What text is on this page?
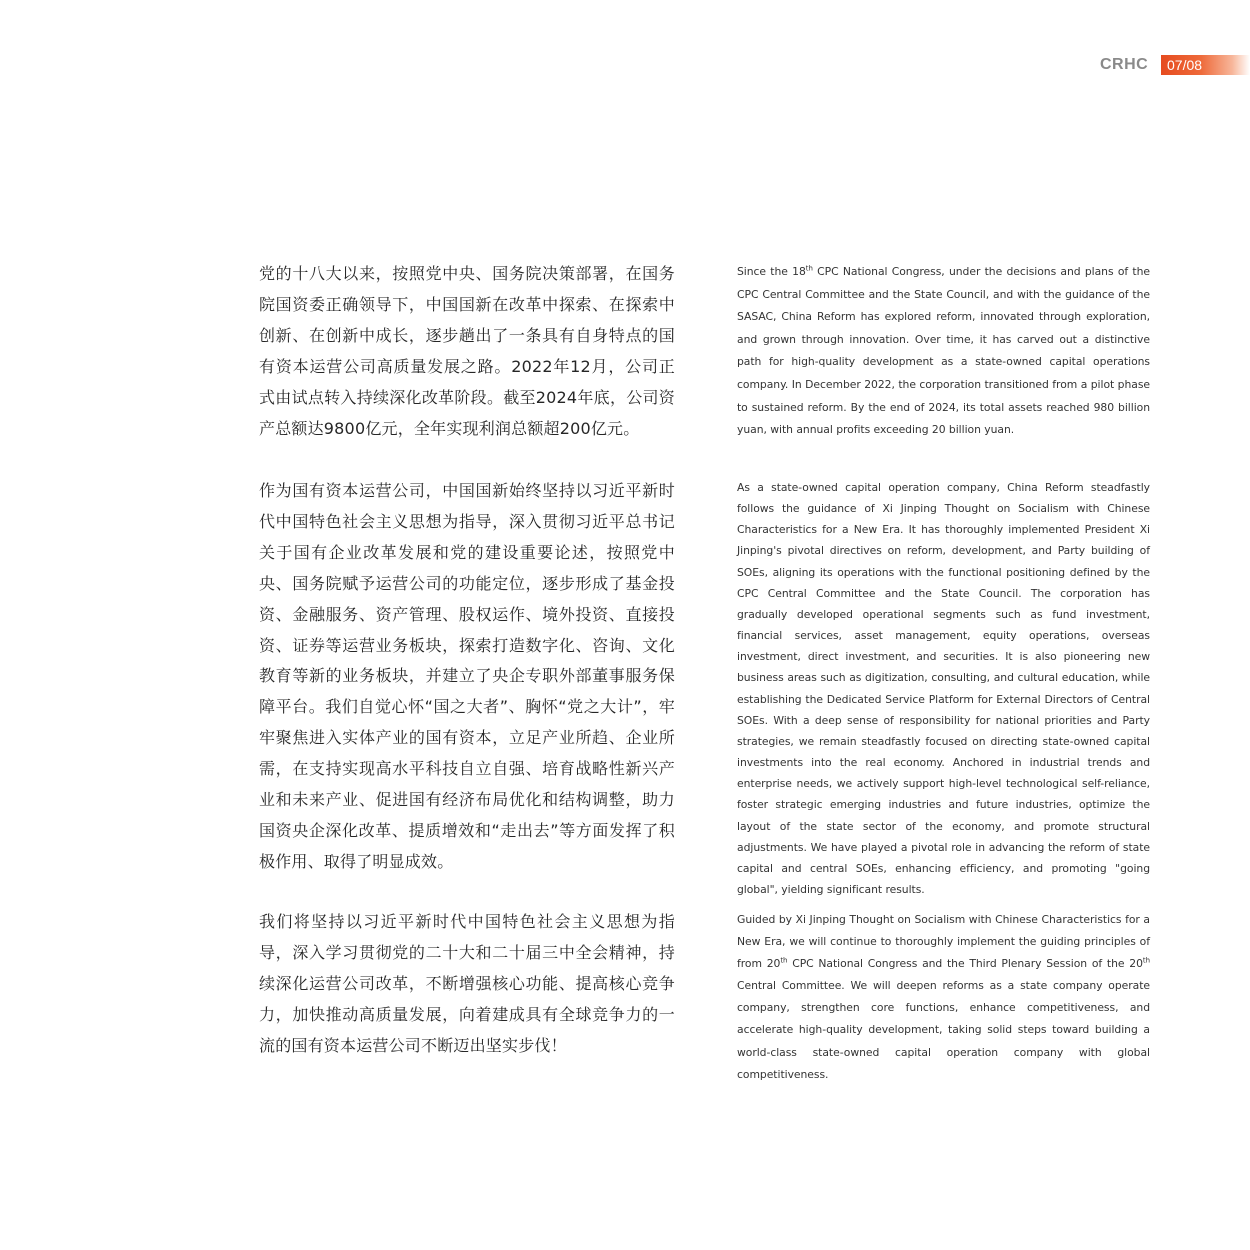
CRHC 07/08

党的十八大以来，按照党中央、国务院决策部署，在国务院国资委正确领导下，中国国新在改革中探索、在探索中创新、在创新中成长，逐步趟出了一条具有自身特点的国有资本运营公司高质量发展之路。2022年12月，公司正式由试点转入持续深化改革阶段。截至2024年底，公司资产总额达9800亿元，全年实现利润总额超200亿元。

作为国有资本运营公司，中国国新始终坚持以习近平新时代中国特色社会主义思想为指导，深入贯彻习近平总书记关于国有企业改革发展和党的建设重要论述，按照党中央、国务院赋予运营公司的功能定位，逐步形成了基金投资、金融服务、资产管理、股权运作、境外投资、直接投资、证券等运营业务板块，探索打造数字化、咨询、文化教育等新的业务板块，并建立了央企专职外部董事服务保障平台。我们自觉心怀“国之大者”、胸怀“党之大计”，牢牢聚焦进入实体产业的国有资本，立足产业所趋、企业所需，在支持实现高水平科技自立自强、培育战略性新兴产业和未来产业、促进国有经济布局优化和结构调整，助力国资央企深化改革、提质增效和“走出去”等方面发挥了积极作用、取得了明显成效。

我们将坚持以习近平新时代中国特色社会主义思想为指导，深入学习贯彻党的二十大和二十届三中全会精神，持续深化运营公司改革，不断增强核心功能、提高核心竞争力，加快推动高质量发展，向着建成具有全球竞争力的一流的国有资本运营公司不断迈出坚实步伐！

Since the 18th CPC National Congress, under the decisions and plans of the CPC Central Committee and the State Council, and with the guidance of the SASAC, China Reform has explored reform, innovated through exploration, and grown through innovation. Over time, it has carved out a distinctive path for high-quality development as a state-owned capital operations company. In December 2022, the corporation transitioned from a pilot phase to sustained reform. By the end of 2024, its total assets reached 980 billion yuan, with annual profits exceeding 20 billion yuan.

As a state-owned capital operation company, China Reform steadfastly follows the guidance of Xi Jinping Thought on Socialism with Chinese Characteristics for a New Era. It has thoroughly implemented President Xi Jinping's pivotal directives on reform, development, and Party building of SOEs, aligning its operations with the functional positioning defined by the CPC Central Committee and the State Council. The corporation has gradually developed operational segments such as fund investment, financial services, asset management, equity operations, overseas investment, direct investment, and securities. It is also pioneering new business areas such as digitization, consulting, and cultural education, while establishing the Dedicated Service Platform for External Directors of Central SOEs. With a deep sense of responsibility for national priorities and Party strategies, we remain steadfastly focused on directing state-owned capital investments into the real economy. Anchored in industrial trends and enterprise needs, we actively support high-level technological self-reliance, foster strategic emerging industries and future industries, optimize the layout of the state sector of the economy, and promote structural adjustments. We have played a pivotal role in advancing the reform of state capital and central SOEs, enhancing efficiency, and promoting "going global", yielding significant results.

Guided by Xi Jinping Thought on Socialism with Chinese Characteristics for a New Era, we will continue to thoroughly implement the guiding principles of from 20th CPC National Congress and the Third Plenary Session of the 20th Central Committee. We will deepen reforms as a state company operate company, strengthen core functions, enhance competitiveness, and accelerate high-quality development, taking solid steps toward building a world-class state-owned capital operation company with global competitiveness.
